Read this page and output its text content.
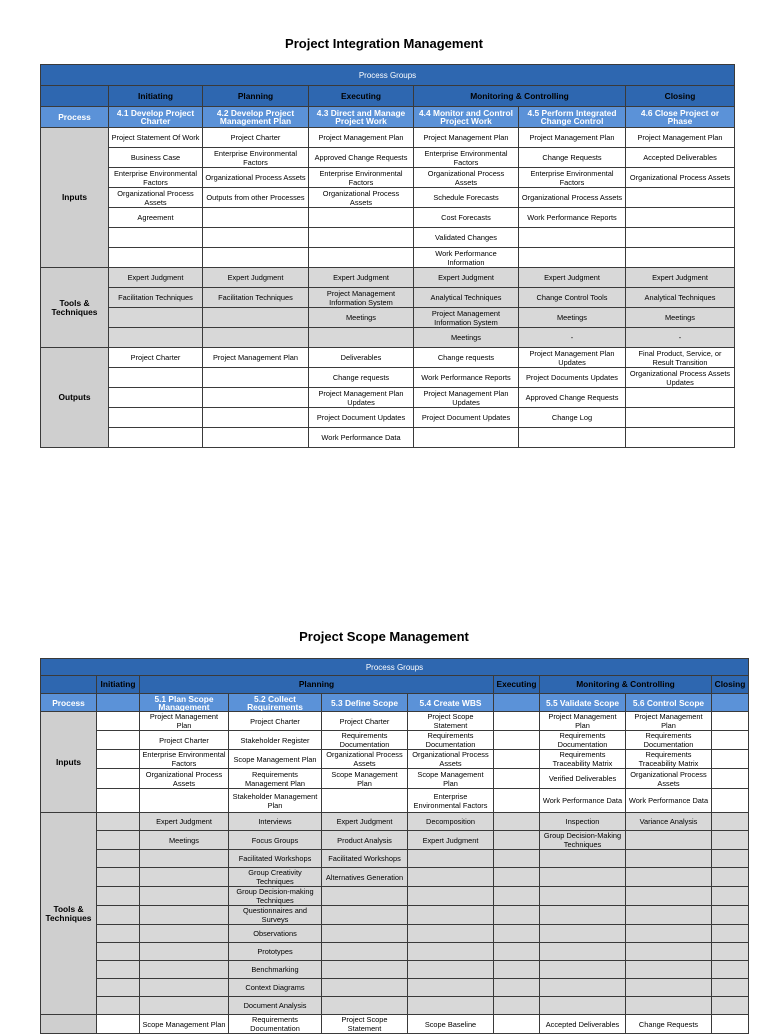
Project Integration Management
Process Groups						
	Initiating	Planning	Executing	Monitoring & Controlling		Closing
Process	4.1 Develop Project Charter	4.2 Develop Project Management Plan	4.3 Direct and Manage Project Work	4.4 Monitor and Control Project Work	4.5 Perform Integrated Change Control	4.6 Close Project or Phase
Inputs	Project Statement Of Work	Project Charter	Project Management Plan	Project Management Plan	Project Management Plan	Project Management Plan
	Business Case	Enterprise Environmental Factors	Approved Change Requests	Enterprise Environmental Factors	Change Requests	Accepted Deliverables
	Enterprise Environmental Factors	Organizational Process Assets	Enterprise Environmental Factors	Organizational Process Assets	Enterprise Environmental Factors	Organizational Process Assets
	Organizational Process Assets	Outputs from other Processes	Organizational Process Assets	Schedule Forecasts	Organizational Process Assets	
	Agreement			Cost Forecasts	Work Performance Reports	
				Validated Changes		
				Work Performance Information		
Tools & Techniques	Expert Judgment	Expert Judgment	Expert Judgment	Expert Judgment	Expert Judgment	Expert Judgment
	Facilitation Techniques	Facilitation Techniques	Project Management Information System	Analytical Techniques	Change Control Tools	Analytical Techniques
			Meetings	Project Management Information System	Meetings	Meetings
				Meetings	-	-
Outputs	Project Charter	Project Management Plan	Deliverables	Change requests	Project Management Plan Updates	Final Product, Service, or Result Transition
			Change requests	Work Performance Reports	Project Documents Updates	Organizational Process Assets Updates
			Project Management Plan Updates	Project Management Plan Updates	Approved Change Requests	
			Project Document Updates	Project Document Updates	Change Log	
			Work Performance Data			
Project Scope Management
Process Groups									
	Initiating	Planning				Executing	Monitoring & Controlling		Closing
Process		5.1 Plan Scope Management	5.2 Collect Requirements	5.3 Define Scope	5.4 Create WBS		5.5 Validate Scope	5.6 Control Scope	
Inputs		Project Management Plan	Project Charter	Project Charter	Project Scope Statement		Project Management Plan	Project Management Plan	
		Project Charter	Stakeholder Register	Requirements Documentation	Requirements Documentation		Requirements Documentation	Requirements Documentation	
		Enterprise Environmental Factors	Scope Management Plan	Organizational Process Assets	Organizational Process Assets		Requirements Traceability Matrix	Requirements Traceability Matrix	
		Organizational Process Assets	Requirements Management Plan	Scope Management Plan	Scope Management Plan		Verified Deliverables	Organizational Process Assets	
			Stakeholder Management Plan		Enterprise Environmental Factors		Work Performance Data	Work Performance Data	
Tools & Techniques		Expert Judgment	Interviews	Expert Judgment	Decomposition		Inspection	Variance Analysis	
		Meetings	Focus Groups	Product Analysis	Expert Judgment		Group Decision-Making Techniques		
			Facilitated Workshops	Facilitated Workshops					
			Group Creativity Techniques	Alternatives Generation					
			Group Decision-making Techniques						
			Questionnaires and Surveys						
			Observations						
			Prototypes						
			Benchmarking						
			Context Diagrams						
			Document Analysis						
		Scope Management Plan	Requirements Documentation	Project Scope Statement	Scope Baseline		Accepted Deliverables	Change Requests	
